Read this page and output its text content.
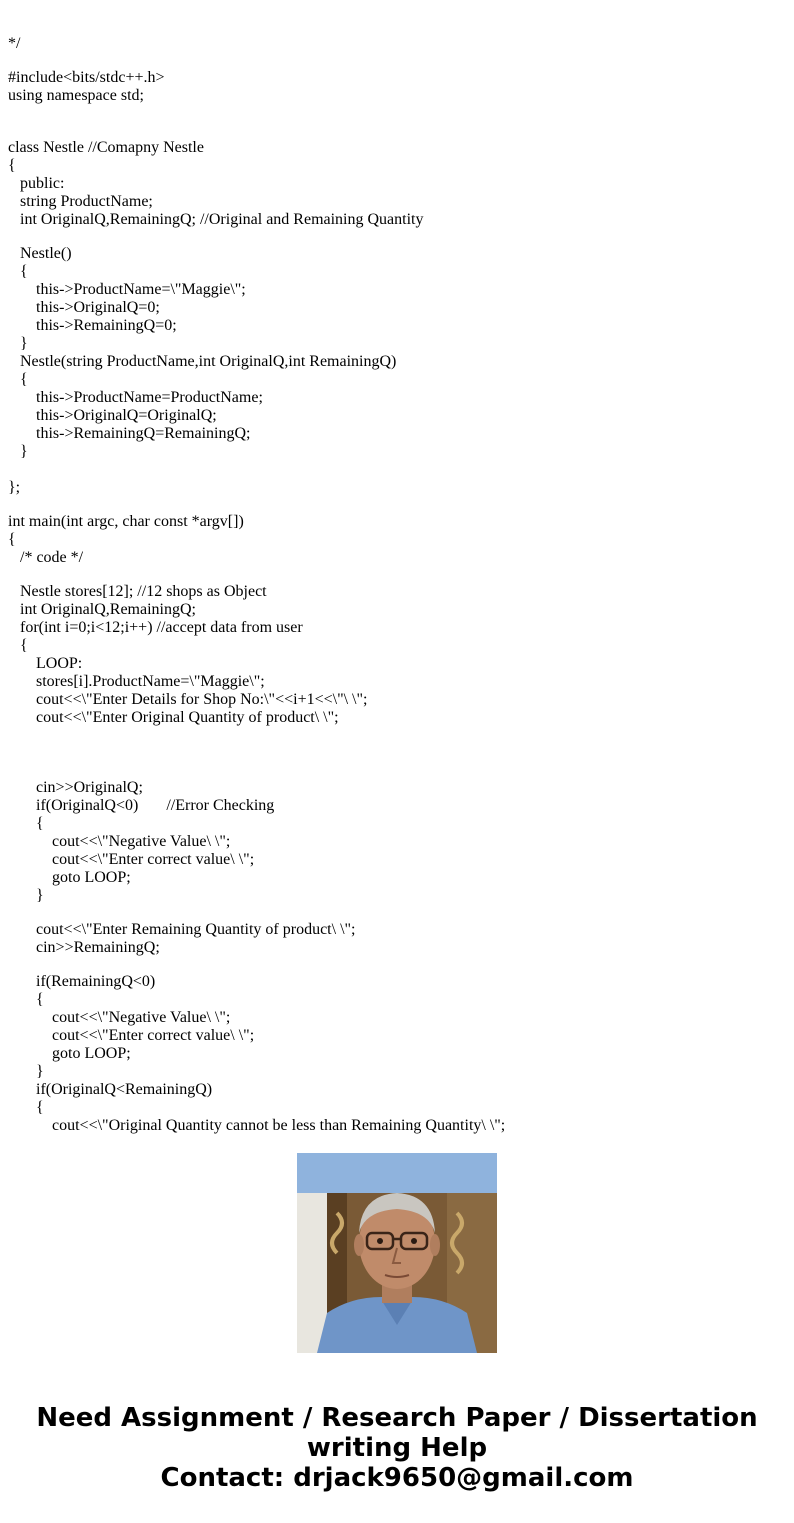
*/
#include<bits/stdc++.h>
using namespace std;
class Nestle //Comapny Nestle
{
public:
string ProductName;
int OriginalQ,RemainingQ; //Original and Remaining Quantity
Nestle()
{
this->ProductName=\"Maggie\";
this->OriginalQ=0;
this->RemainingQ=0;
}
Nestle(string ProductName,int OriginalQ,int RemainingQ)
{
this->ProductName=ProductName;
this->OriginalQ=OriginalQ;
this->RemainingQ=RemainingQ;
}
};
int main(int argc, char const *argv[])
{
/* code */
Nestle stores[12]; //12 shops as Object
int OriginalQ,RemainingQ;
for(int i=0;i<12;i++) //accept data from user
{
LOOP:
stores[i].ProductName=\"Maggie\";
cout<<\"Enter Details for Shop No:\"<<i+1<<\"\ \";
cout<<\"Enter Original Quantity of product\ \";
cin>>OriginalQ;
if(OriginalQ<0)       //Error Checking
{
cout<<\"Negative Value\ \";
cout<<\"Enter correct value\ \";
goto LOOP;
}
cout<<\"Enter Remaining Quantity of product\ \";
cin>>RemainingQ;
if(RemainingQ<0)
{
cout<<\"Negative Value\ \";
cout<<\"Enter correct value\ \";
goto LOOP;
}
if(OriginalQ<RemainingQ)
{
cout<<\"Original Quantity cannot be less than Remaining Quantity\ \";
Need Assignment / Research Paper / Dissertation
writing Help
Contact: drjack9650@gmail.com
